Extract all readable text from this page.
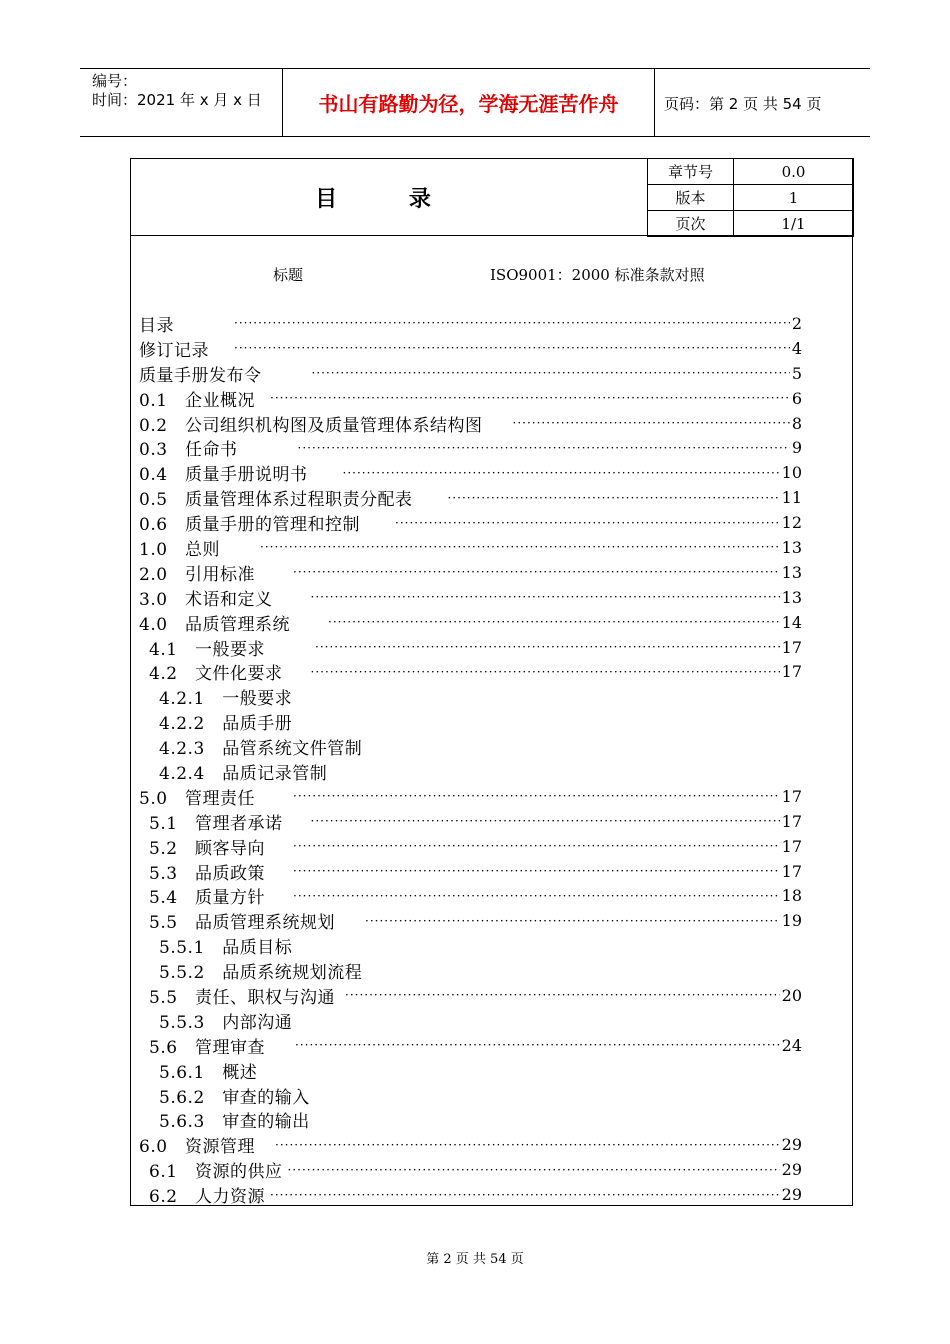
编号：
时间：2021 年 x 月 x 日	书山有路勤为径，学海无涯苦作舟	页码：第 2 页 共 54 页
目 录
章节号	0.0
版本	1
页次	1/1
标题	ISO9001：2000 标准条款对照
目录 ·····	2
修订记录 ·····	4
质量手册发布令 ·····	5
0.1　企业概况 ·····	6
0.2　公司组织机构图及质量管理体系结构图 ·····	8
0.3　任命书 ·····	9
0.4　质量手册说明书 ·····	10
0.5　质量管理体系过程职责分配表 ·····	11
0.6　质量手册的管理和控制 ·····	12
1.0　总则 ·····	13
2.0　引用标准 ·····	13
3.0　术语和定义 ·····	13
4.0　品质管理系统 ·····	14
4.1　一般要求 ·····	17
4.2　文件化要求 ·····	17
4.2.1　一般要求
4.2.2　品质手册
4.2.3　品管系统文件管制
4.2.4　品质记录管制
5.0　管理责任 ·····	17
5.1　管理者承诺 ·····	17
5.2　顾客导向 ·····	17
5.3　品质政策 ·····	17
5.4　质量方针 ·····	18
5.5　品质管理系统规划 ·····	19
5.5.1　品质目标
5.5.2　品质系统规划流程
5.5　责任、职权与沟通 ·····	20
5.5.3　内部沟通
5.6　管理审查 ·····	24
5.6.1　概述
5.6.2　审查的输入
5.6.3　审查的输出
6.0　资源管理 ·····	29
6.1　资源的供应 ·····	29
6.2　人力资源 ·····	29
第 2 页 共 54 页
